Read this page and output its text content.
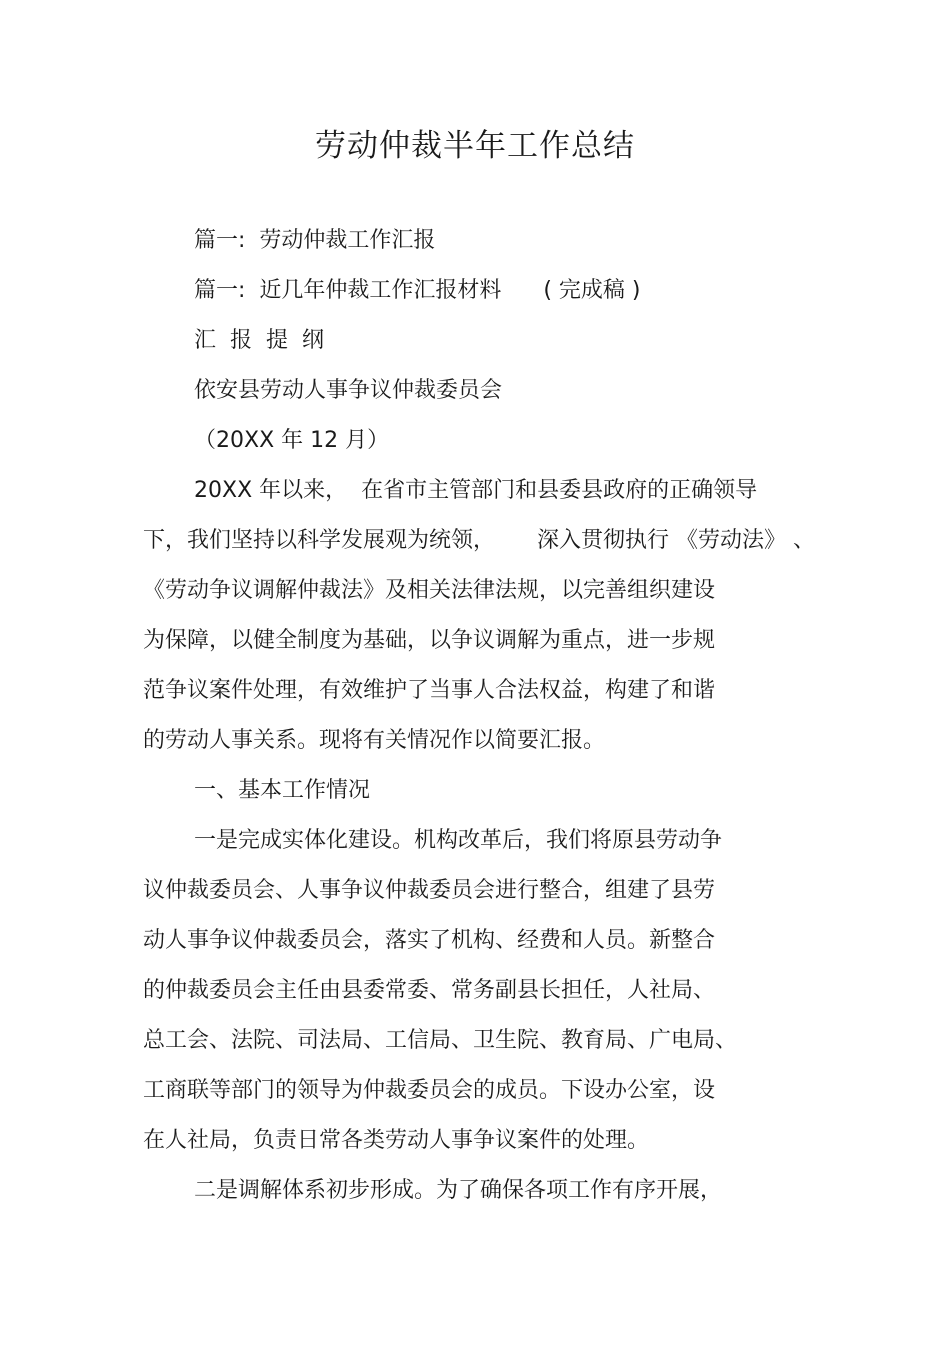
劳动仲裁半年工作总结
篇一:  劳动仲裁工作汇报
篇一:  近几年仲裁工作汇报材料      ( 完成稿 )
汇  报  提  纲
依安县劳动人事争议仲裁委员会
（20XX 年 12 月）
20XX 年以来，  在省市主管部门和县委县政府的正确领导
下，我们坚持以科学发展观为统领，      深入贯彻执行 《劳动法》 、
《劳动争议调解仲裁法》及相关法律法规，以完善组织建设
为保障，以健全制度为基础，以争议调解为重点，进一步规
范争议案件处理，有效维护了当事人合法权益，构建了和谐
的劳动人事关系。现将有关情况作以简要汇报。
一、基本工作情况
一是完成实体化建设。机构改革后，我们将原县劳动争
议仲裁委员会、人事争议仲裁委员会进行整合，组建了县劳
动人事争议仲裁委员会，落实了机构、经费和人员。新整合
的仲裁委员会主任由县委常委、常务副县长担任，人社局、
总工会、法院、司法局、工信局、卫生院、教育局、广电局、
工商联等部门的领导为仲裁委员会的成员。下设办公室，设
在人社局，负责日常各类劳动人事争议案件的处理。
二是调解体系初步形成。为了确保各项工作有序开展，
